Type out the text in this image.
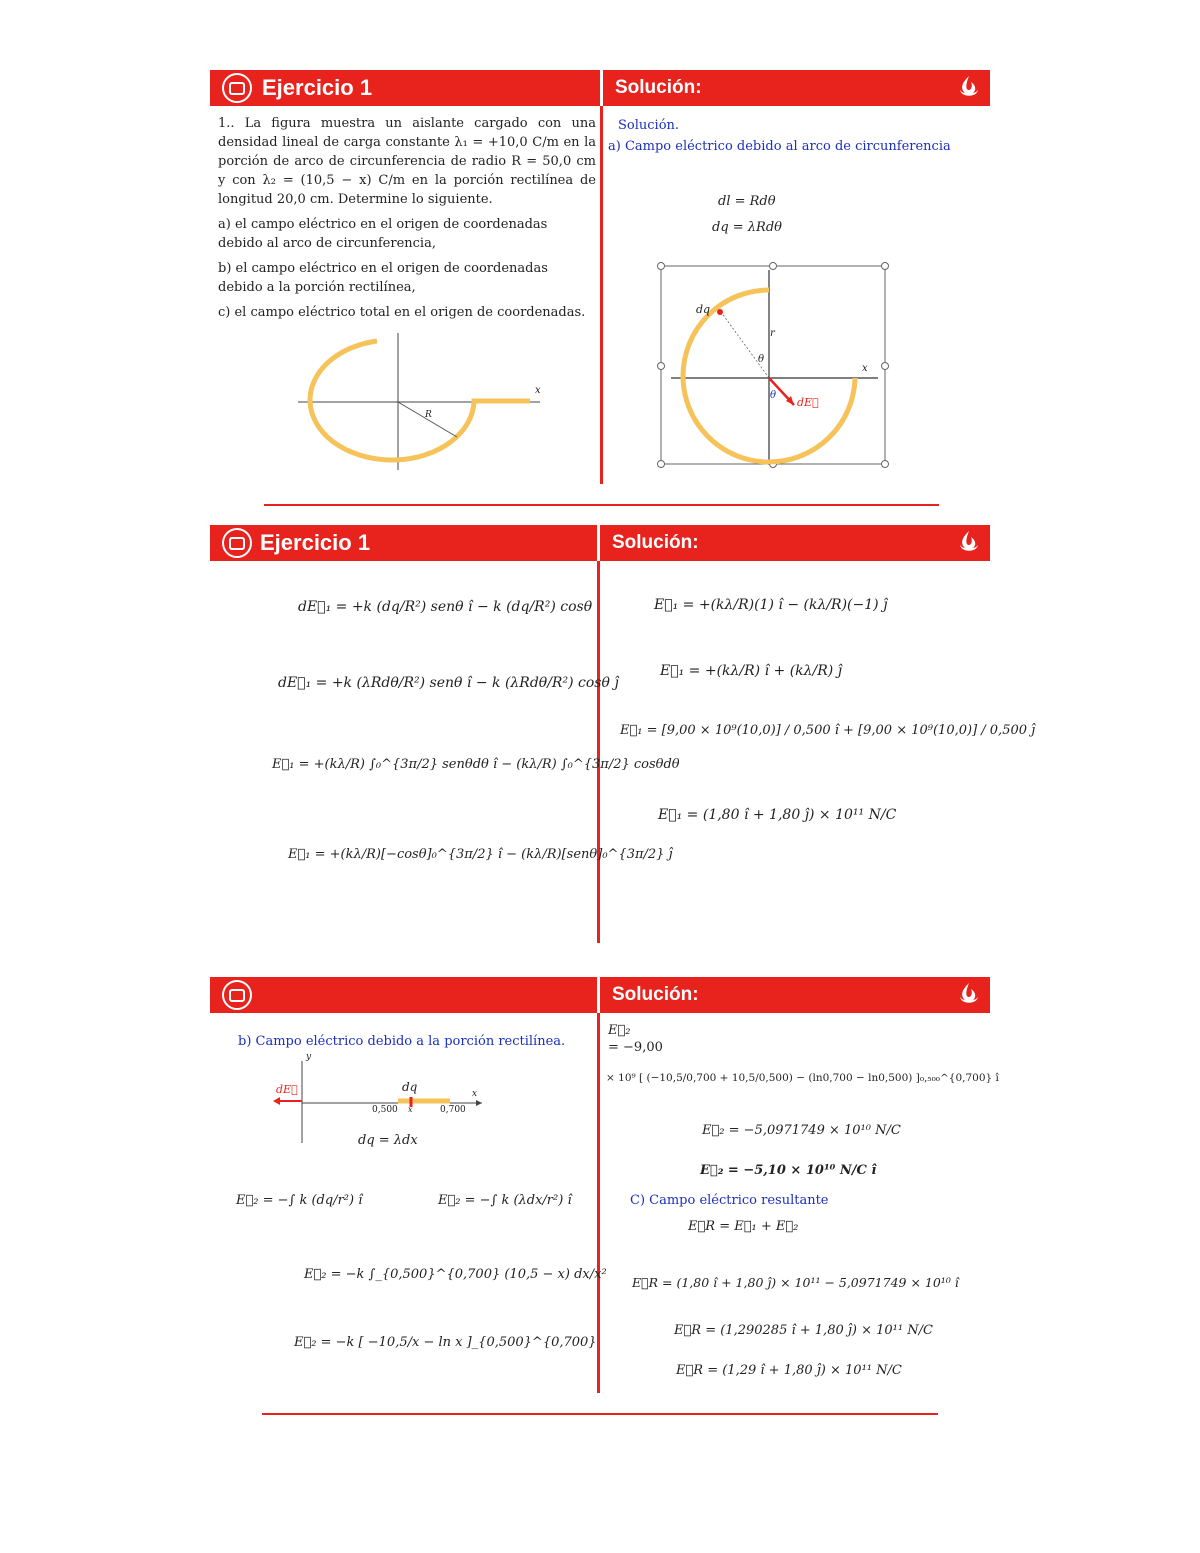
Ejercicio 1	Solución:
1.. La figura muestra un aislante cargado con una densidad lineal de carga constante λ₁ = +10,0 C/m en la porción de arco de circunferencia de radio R = 50,0 cm y con λ₂ = (10,5 − x) C/m en la porción rectilínea de longitud 20,0 cm. Determine lo siguiente.
a) el campo eléctrico en el origen de coordenadas debido al arco de circunferencia,
b) el campo eléctrico en el origen de coordenadas debido a la porción rectilínea,
c) el campo eléctrico total en el origen de coordenadas.
x
R
Solución.
a) Campo eléctrico debido al arco de circunferencia
dl = Rdθ
dq = λRdθ
dq
r
θ
x
θ
dE⃗
Ejercicio 1	Solución:
dE⃗₁ = +k (dq/R²) senθ î − k (dq/R²) cosθ
dE⃗₁ = +k (λRdθ/R²) senθ î − k (λRdθ/R²) cosθ ĵ
E⃗₁ = +(kλ/R) ∫₀^{3π/2} senθdθ î − (kλ/R) ∫₀^{3π/2} cosθdθ
E⃗₁ = +(kλ/R)[−cosθ]₀^{3π/2} î − (kλ/R)[senθ]₀^{3π/2} ĵ
E⃗₁ = +(kλ/R)(1) î − (kλ/R)(−1) ĵ
E⃗₁ = +(kλ/R) î + (kλ/R) ĵ
E⃗₁ = [9,00 × 10⁹(10,0)] / 0,500 î + [9,00 × 10⁹(10,0)] / 0,500 ĵ
E⃗₁ = (1,80 î + 1,80 ĵ) × 10¹¹ N/C
Solución:
b) Campo eléctrico debido a la porción rectilínea.
dE⃗	dq
y
x
x
0,500	0,700
dq = λdx
E⃗₂ = −∫ k (dq/r²) î	E⃗₂ = −∫ k (λdx/r²) î
E⃗₂ = −k ∫_{0,500}^{0,700} (10,5 − x) dx/x²
E⃗₂ = −k [ −10,5/x − ln x ]_{0,500}^{0,700}
E⃗₂
= −9,00
× 10⁹ [ (−10,5/0,700 + 10,5/0,500) − (ln0,700 − ln0,500) ]₀,₅₀₀^{0,700} î
E⃗₂ = −5,0971749 × 10¹⁰ N/C
E⃗₂ = −5,10 × 10¹⁰ N/C î
C) Campo eléctrico resultante
E⃗R = E⃗₁ + E⃗₂
E⃗R = (1,80 î + 1,80 ĵ) × 10¹¹ − 5,0971749 × 10¹⁰ î
E⃗R = (1,290285 î + 1,80 ĵ) × 10¹¹ N/C
E⃗R = (1,29 î + 1,80 ĵ) × 10¹¹ N/C
